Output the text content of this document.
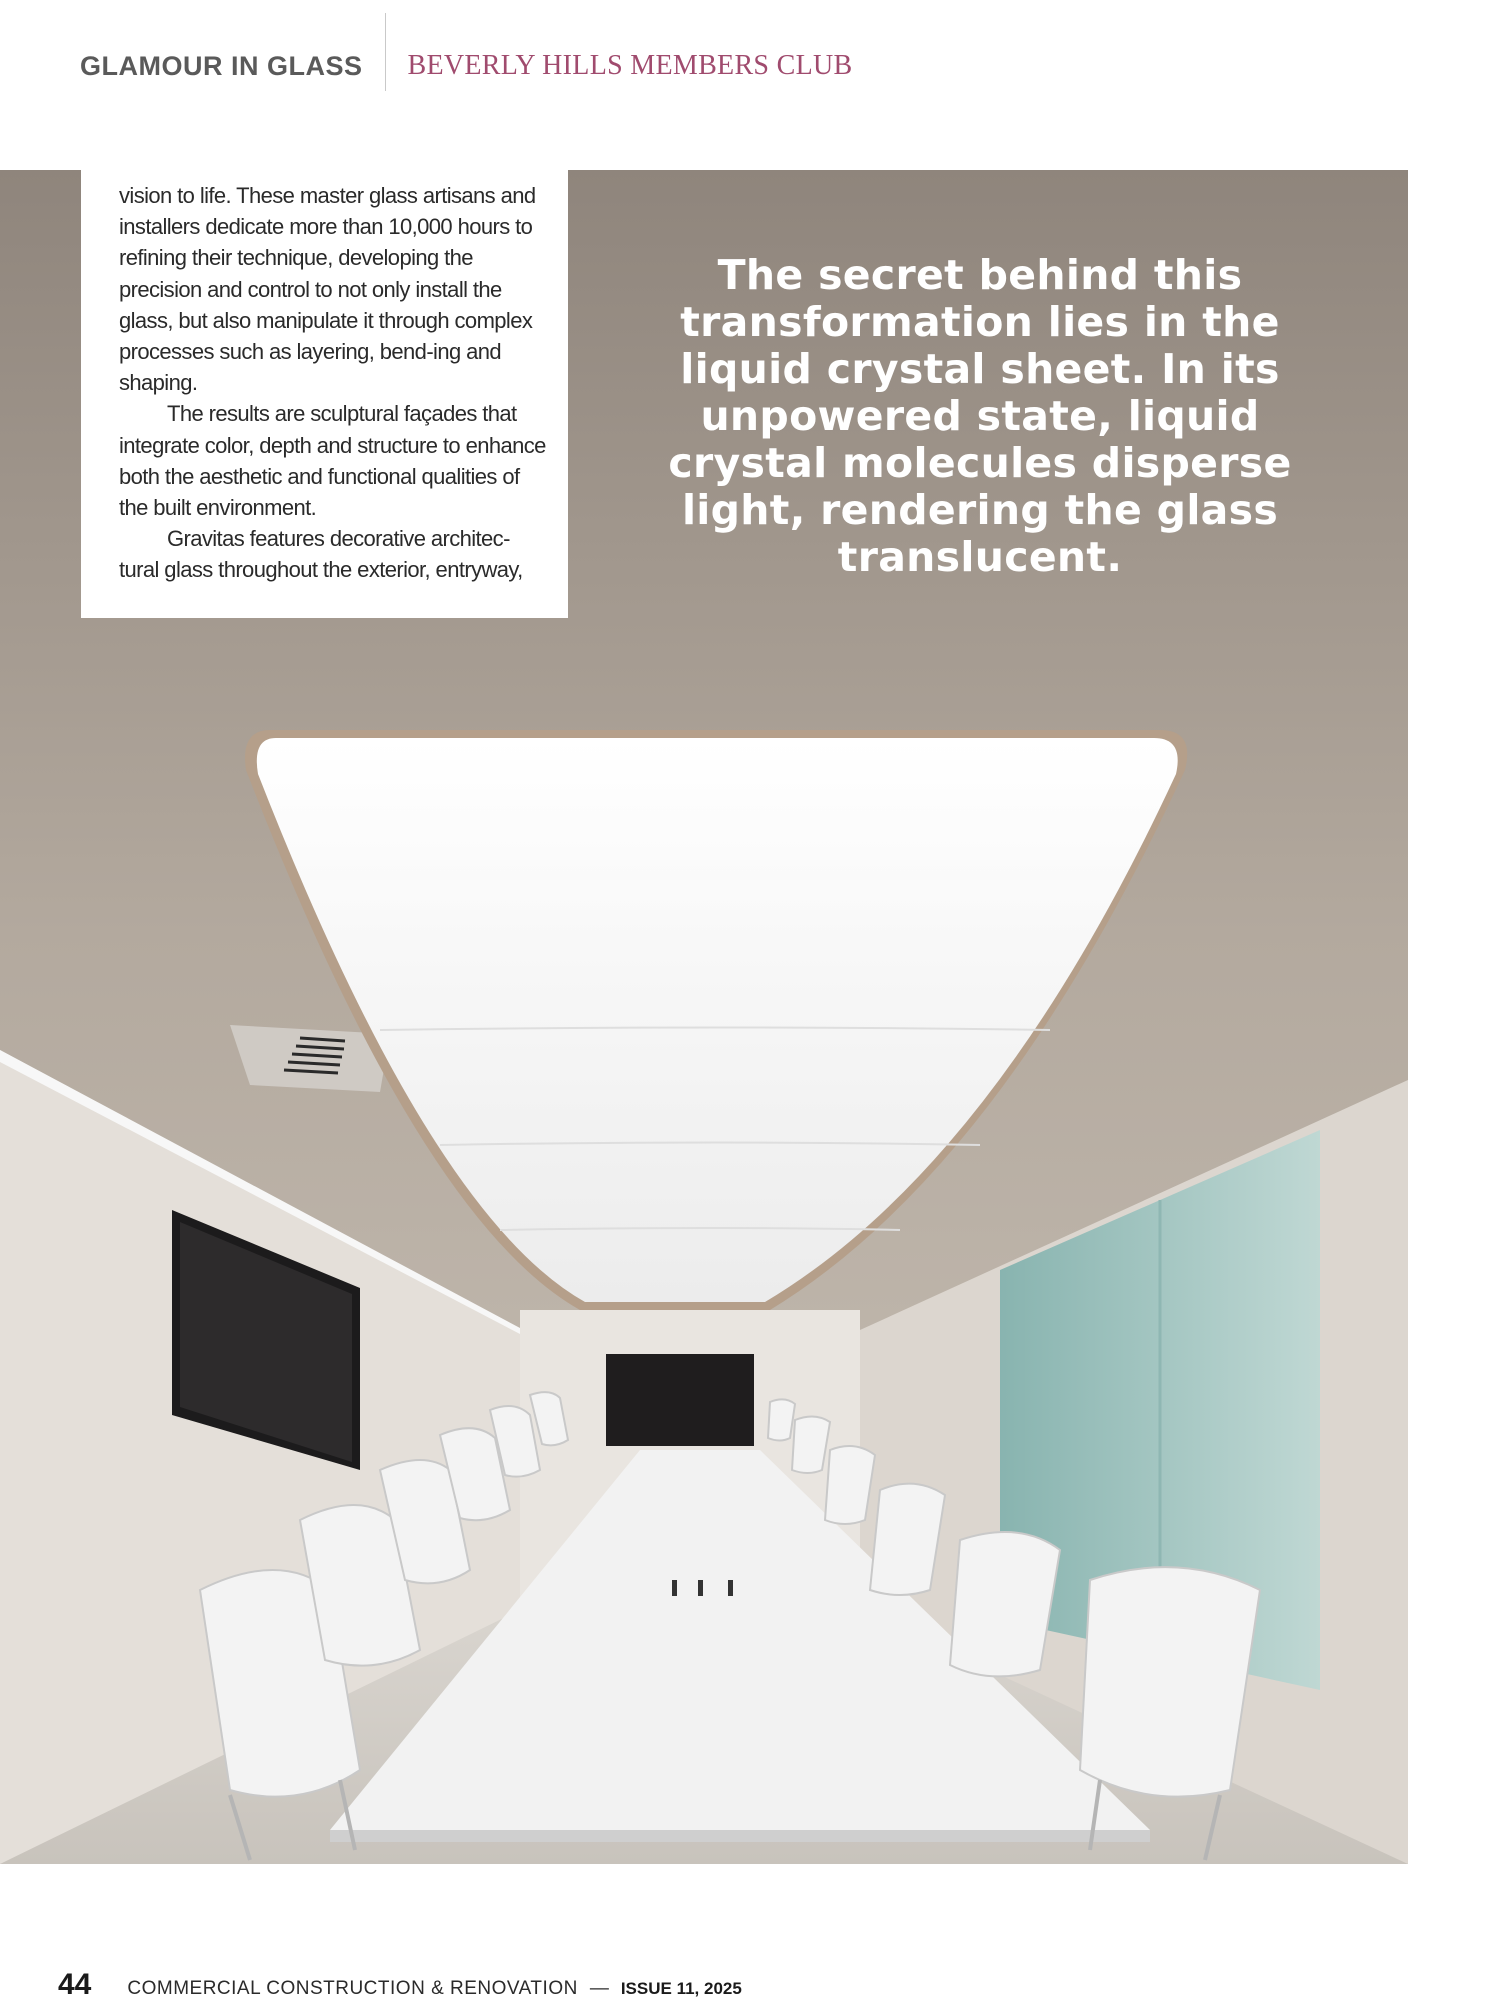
GLAMOUR IN GLASS BEVERLY HILLS MEMBERS CLUB

vision to life. These master glass artisans and installers dedicate more than 10,000 hours to refining their technique, developing the precision and control to not only install the glass, but also manipulate it through complex processes such as layering, bend-ing and shaping.

The results are sculptural façades that integrate color, depth and structure to enhance both the aesthetic and functional qualities of the built environment.

Gravitas features decorative architec-tural glass throughout the exterior, entryway,

The secret behind this transformation lies in the liquid crystal sheet. In its unpowered state, liquid crystal molecules disperse light, rendering the glass translucent.

44 COMMERCIAL CONSTRUCTION & RENOVATION — ISSUE 11, 2025
